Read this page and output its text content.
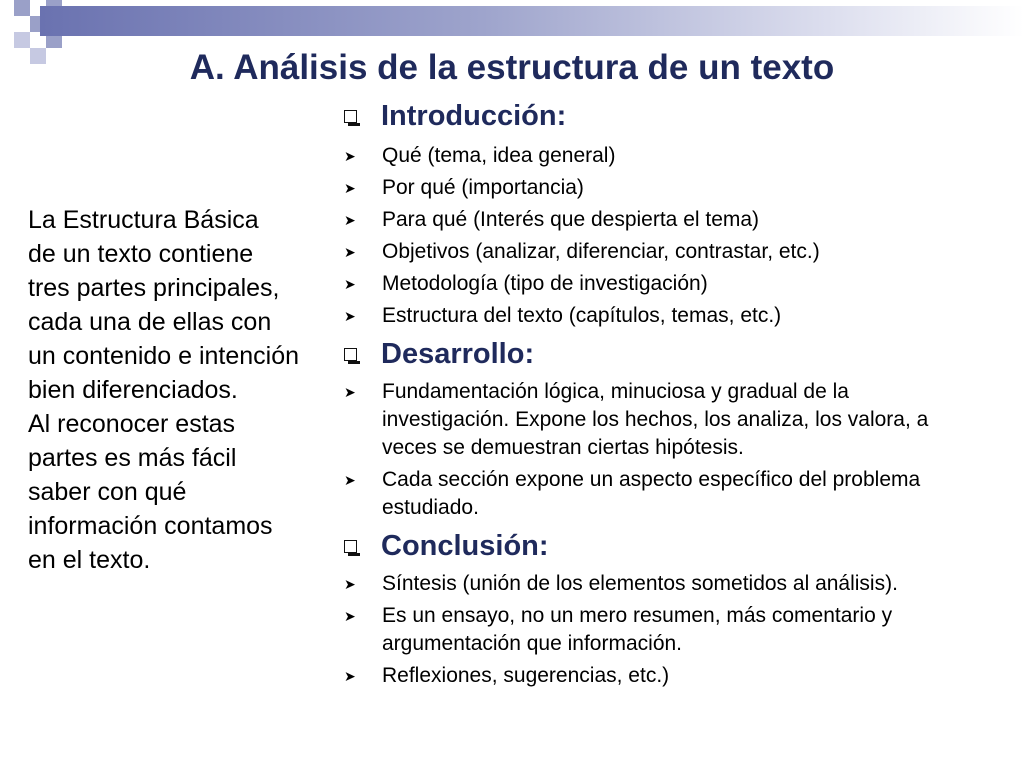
A. Análisis de la estructura de un texto

La Estructura Básica

de un texto contiene

tres partes principales,

cada una de ellas con

un contenido e intención

bien diferenciados.

Al reconocer estas

partes es más fácil

saber con qué

información contamos

en el texto.

Introducción:
➤	Qué (tema, idea general)
➤	Por qué (importancia)
➤	Para qué (Interés que despierta el tema)
➤	Objetivos (analizar, diferenciar, contrastar, etc.)
➤	Metodología (tipo de investigación)
➤	Estructura del texto (capítulos, temas, etc.)
Desarrollo:
➤	Fundamentación lógica, minuciosa y gradual de la investigación. Expone los hechos, los analiza, los valora, a veces se demuestran ciertas hipótesis.
➤	Cada sección expone un aspecto específico del problema estudiado.
Conclusión:
➤	Síntesis (unión de los elementos sometidos al análisis).
➤	Es un ensayo, no un mero resumen, más comentario y argumentación que información.
➤	Reflexiones, sugerencias, etc.)
